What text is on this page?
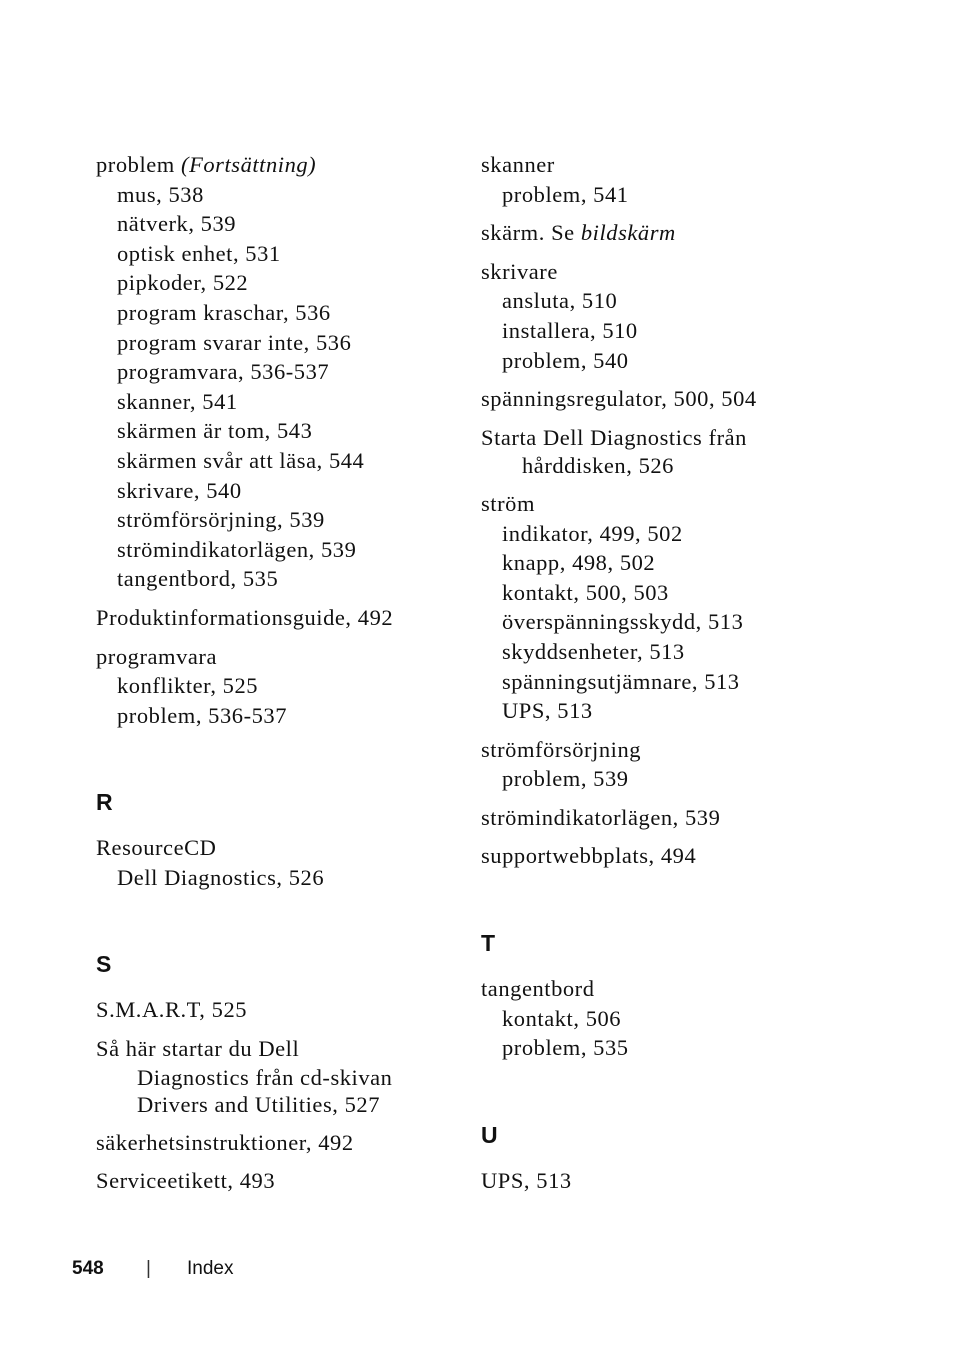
problem (Fortsättning)
mus, 538
nätverk, 539
optisk enhet, 531
pipkoder, 522
program kraschar, 536
program svarar inte, 536
programvara, 536-537
skanner, 541
skärmen är tom, 543
skärmen svår att läsa, 544
skrivare, 540
strömförsörjning, 539
strömindikatorlägen, 539
tangentbord, 535
Produktinformationsguide, 492
programvara
konflikter, 525
problem, 536-537
R
ResourceCD
Dell Diagnostics, 526
S
S.M.A.R.T, 525
Så här startar du Dell
Diagnostics från cd-skivan
Drivers and Utilities, 527
säkerhetsinstruktioner, 492
Serviceetikett, 493
skanner
problem, 541
skärm. Se bildskärm
skrivare
ansluta, 510
installera, 510
problem, 540
spänningsregulator, 500, 504
Starta Dell Diagnostics från
hårddisken, 526
ström
indikator, 499, 502
knapp, 498, 502
kontakt, 500, 503
överspänningsskydd, 513
skyddsenheter, 513
spänningsutjämnare, 513
UPS, 513
strömförsörjning
problem, 539
strömindikatorlägen, 539
supportwebbplats, 494
T
tangentbord
kontakt, 506
problem, 535
U
UPS, 513
548 | Index
